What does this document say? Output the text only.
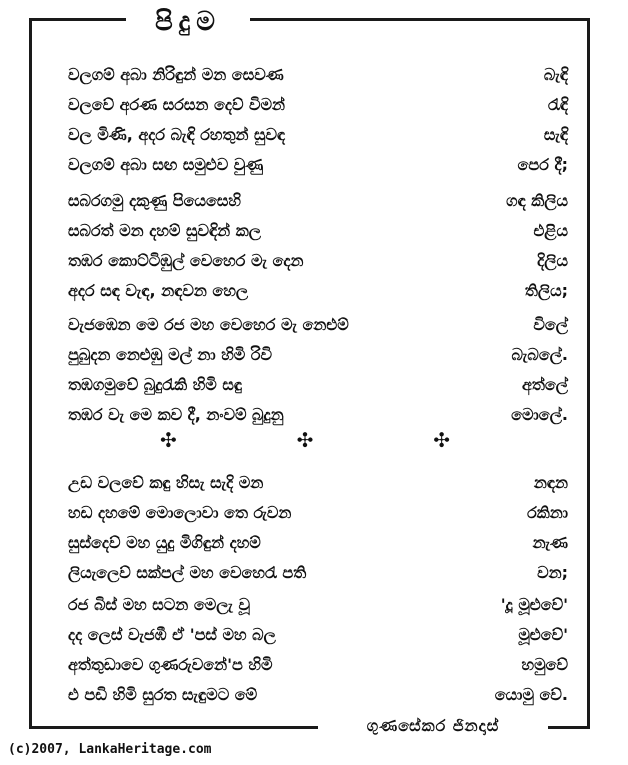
පිදුම
වලගම් අබා නිරිඳුන් මන සෙවණ	බැඳි
වලවේ අරණ සරසන දෙව් විමන්	රැඳි
වල මිණි, අදර බැඳි රහතුන් සුවඳ	සැඳි
වලගම් අබා සඟ සමුළුව වුණු	පෙර දී;
සබරගමු දකුණු පියෙසෙහි	ගඳ කිලිය
සබරත් මන දහම් සුවඳින් කල	එළිය
තඹර කොට්ටිඹුල් වෙහෙර මැ දෙන	දිලිය
අදර සඳ වැඳ, නඳවන හෙල	තිලිය;
වැජඹෙන මෙ රජ මහ වෙහෙර මැ නෙළුම්	විලේ
පුබුදන නෙළුඹු මල් නා හිමි රිවි	බැබලේ.
තඹගමුවේ බුදුරැකි හිමි සඳු	අත්ලේ
තඹර වැ මෙ කව දී, නංවම් බුදුනු	මොලේ.
✣	✣	✣
උඩ වලවේ කඳු හිසැ සැදි මන	නඳන
හඩ දහමේ මොලොවා තෙ රුවන	රකිනා
සුස්දෙව් මහ යුදු මිගිඳුන් දහම්	නැණ
ලියැලෙව් සක්පල් මහ වෙහෙරැ පති	වන;
රජ බිස් මහ සටන මෙලැ වූ	'දූ මූළුවේ'
දද ලෙස් වැජඹී ඒ 'පස් මහ බල	මූළුවේ'
අත්තුඩාවෙ ගුණරුවනේ'ප හිමි	හමුවේ
එ පඩි හිමි සුරත සැඳුමට මේ	යොමු වේ.
ගුණසේකර ජිනදාස්
(c)2007, LankaHeritage.com
